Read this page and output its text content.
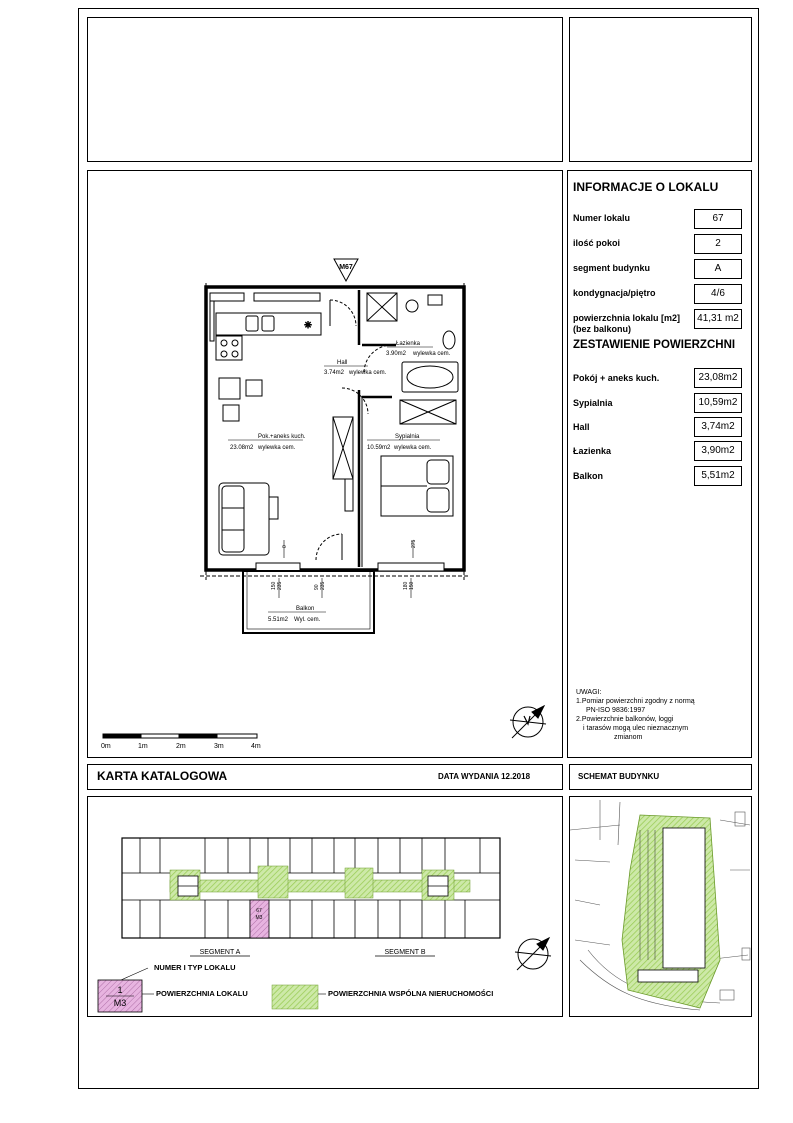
INFORMACJE O LOKALU
Numer lokalu	67
ilość pokoi	2
segment budynku	A
kondygnacja/piętro	4/6
powierzchnia lokalu [m2]
(bez balkonu)
41,31 m2
ZESTAWIENIE POWIERZCHNI
Pokój + aneks kuch.	23,08m2
Sypialnia	10,59m2
Hall	3,74m2
Łazienka	3,90m2
Balkon	5,51m2
UWAGI:
1.Pomiar powierzchni zgodny z normą
PN-ISO 9836:1997
2.Powierzchnie balkonów, loggi
i tarasów mogą ulec nieznacznym
zmianom
M67
✳
150 235	90 235	180 150
0	275
Łazienka
3.90m2 wylewka cem.
Hall
3.74m2 wylewka cem.
Pok.+aneks kuch.
23.08m2 wylewka cem.
Sypialnia
10.59m2 wylewka cem.
Balkon
5.51m2 Wyl. cem.
0m	1m	2m	3m	4m
KARTA KATALOGOWA	DATA WYDANIA 12.2018	SCHEMAT BUDYNKU
67
M3
SEGMENT A	SEGMENT B
1
M3
NUMER I TYP LOKALU
POWIERZCHNIA LOKALU	POWIERZCHNIA WSPÓLNA NIERUCHOMOŚCI
